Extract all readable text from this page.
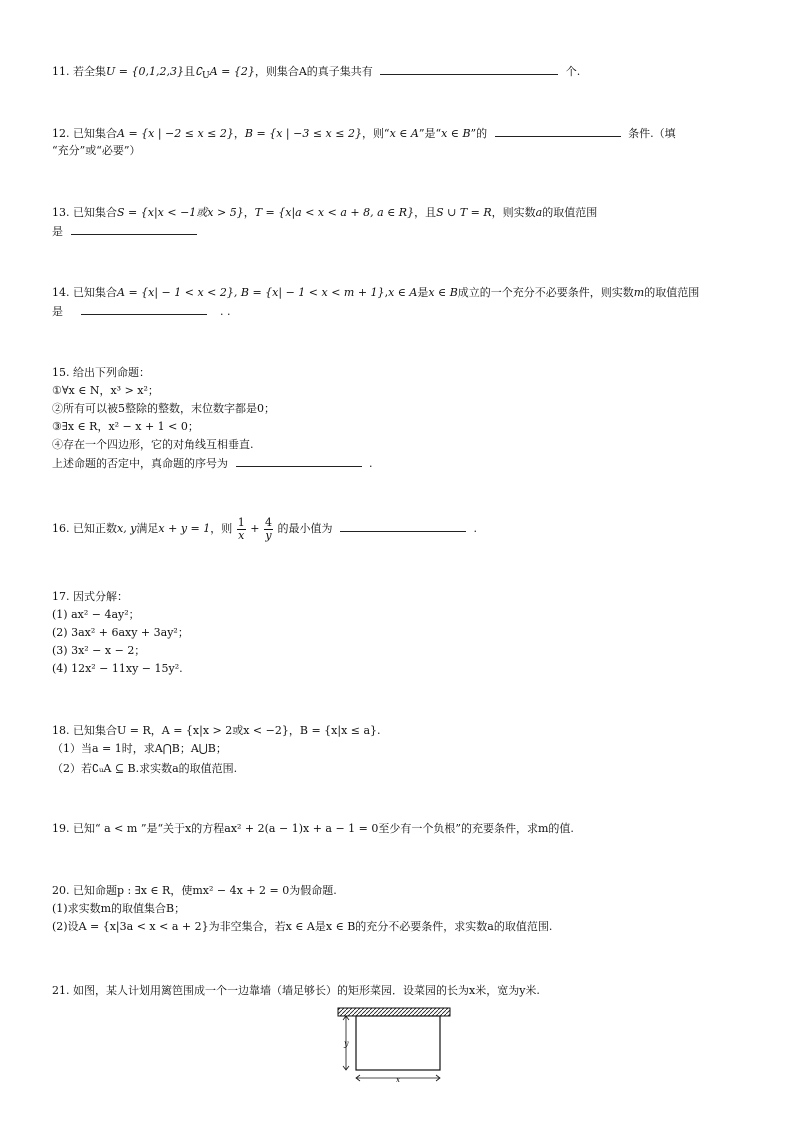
11. 若全集U = {0,1,2,3}且$∁_UA = \{2\}$，则集合A的真子集共有	个.
12. 已知集合A = {x | −2 ≤ x ≤ 2}，B = {x | −3 ≤ x ≤ 2}，则“x ∈ A”是“x ∈ B”的	条件.（填
“充分”或“必要”）
13. 已知集合S = {x|x < −1或x > 5}，T = {x|a < x < a + 8, a ∈ R}，且S ∪ T = R，则实数a的取值范围
是
14. 已知集合A = {x| − 1 < x < 2}, B = {x| − 1 < x < m + 1},x ∈ A是x ∈ B成立的一个充分不必要条件，则实数m的取值范围
是	. .
15. 给出下列命题：
①∀x ∈ N，x³ > x²；
②所有可以被5整除的整数，末位数字都是0；
③∃x ∈ R，x² − x + 1 < 0；
④存在一个四边形，它的对角线互相垂直.
上述命题的否定中，真命题的序号为	.
16. 已知正数x, y满足x + y = 1，则 $\frac{1}{x} + \frac{4}{y}$ 的最小值为	.
17. 因式分解：
(1) ax² − 4ay²；
(2) 3ax² + 6axy + 3ay²；
(3) 3x² − x − 2；
(4) 12x² − 11xy − 15y².
18. 已知集合U = R，A = {x|x > 2或x < −2}，B = {x|x ≤ a}.
（1）当a = 1时，求A⋂B；A⋃B；
（2）若∁ᵤA ⊆ B.求实数a的取值范围.
19. 已知“ a < m ”是“关于x的方程ax² + 2(a − 1)x + a − 1 = 0至少有一个负根”的充要条件，求m的值.
20. 已知命题p : ∃x ∈ R，使mx² − 4x + 2 = 0为假命题.
(1)求实数m的取值集合B；
(2)设A = {x|3a < x < a + 2}为非空集合，若x ∈ A是x ∈ B的充分不必要条件，求实数a的取值范围.
21. 如图，某人计划用篱笆围成一个一边靠墙（墙足够长）的矩形菜园．设菜园的长为x米，宽为y米.
y
x
